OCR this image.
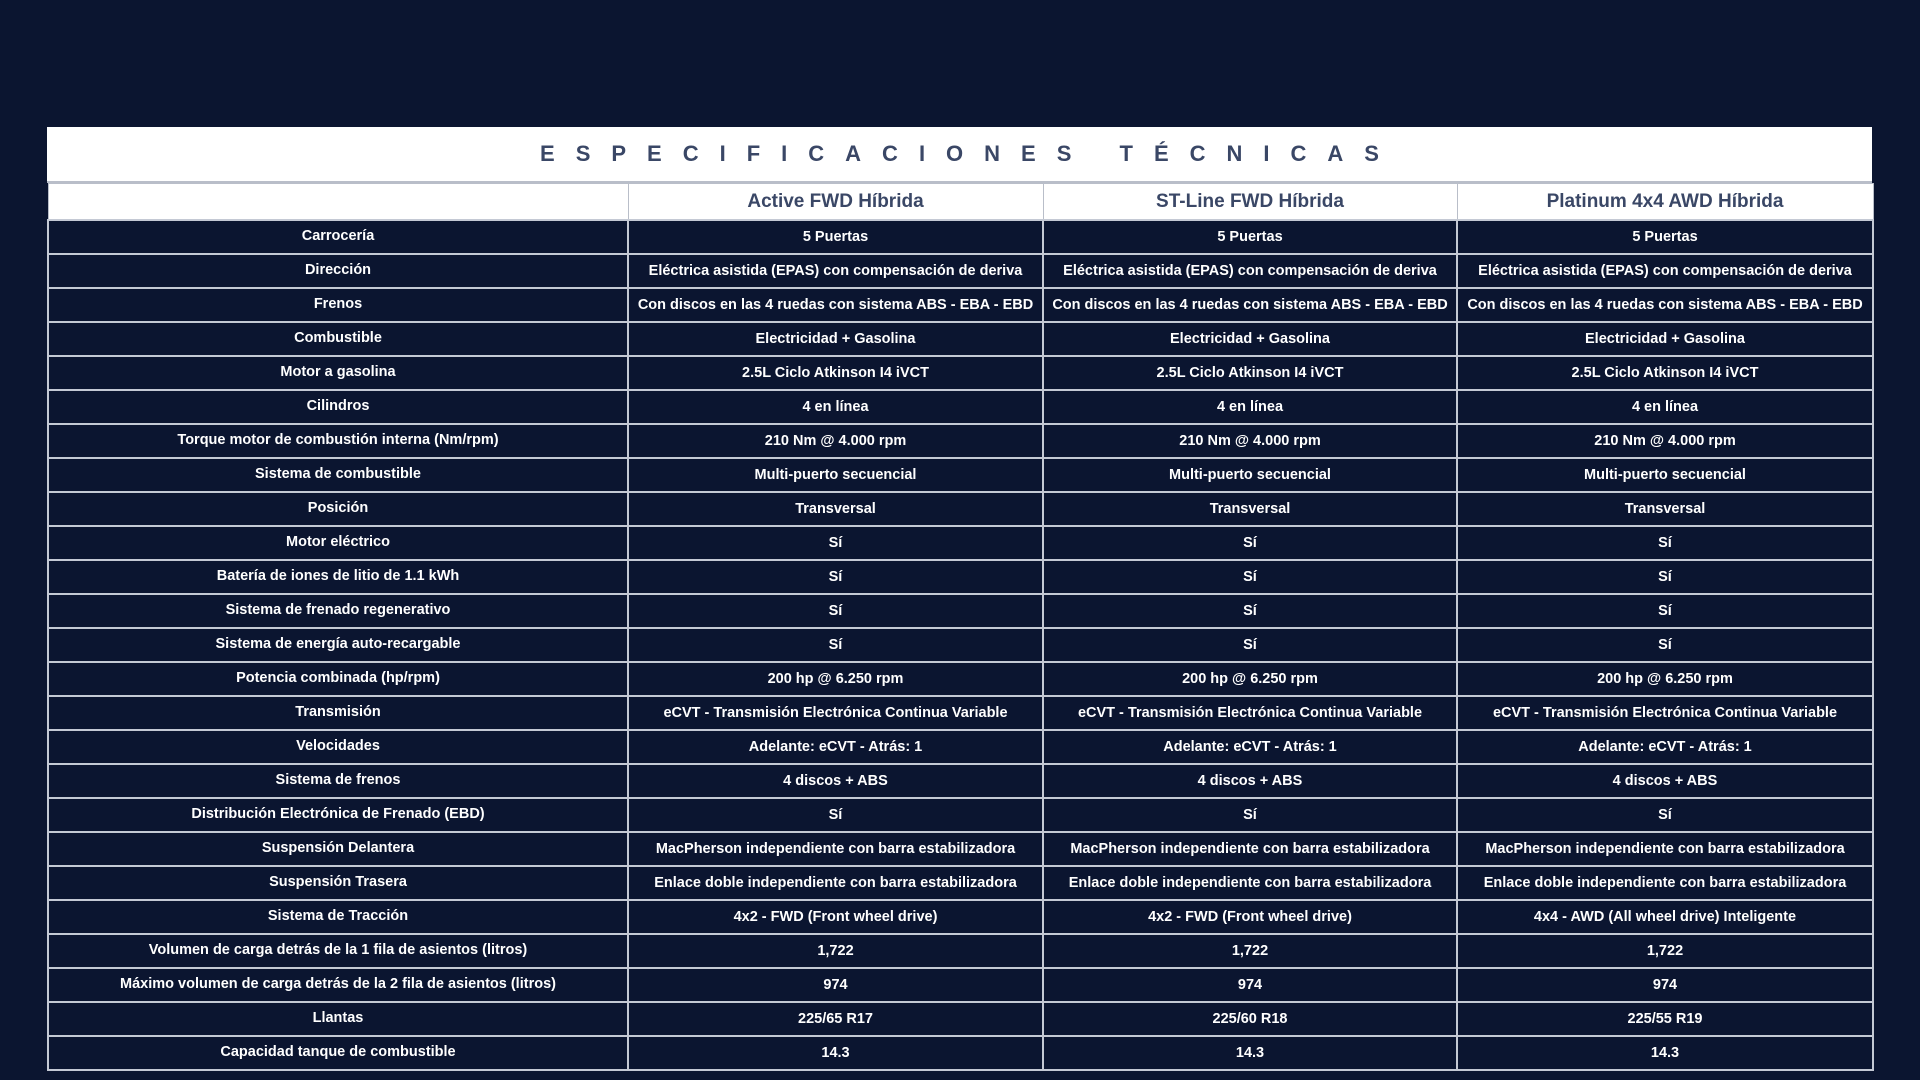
ESPECIFICACIONES TÉCNICAS
	Active FWD Híbrida	ST-Line FWD Híbrida	Platinum 4x4 AWD Híbrida
Carrocería	5 Puertas	5 Puertas	5 Puertas
Dirección	Eléctrica asistida (EPAS) con compensación de deriva	Eléctrica asistida (EPAS) con compensación de deriva	Eléctrica asistida (EPAS) con compensación de deriva
Frenos	Con discos en las 4 ruedas con sistema ABS - EBA - EBD	Con discos en las 4 ruedas con sistema ABS - EBA - EBD	Con discos en las 4 ruedas con sistema ABS - EBA - EBD
Combustible	Electricidad + Gasolina	Electricidad + Gasolina	Electricidad + Gasolina
Motor a gasolina	2.5L Ciclo Atkinson I4 iVCT	2.5L Ciclo Atkinson I4 iVCT	2.5L Ciclo Atkinson I4 iVCT
Cilindros	4 en línea	4 en línea	4 en línea
Torque motor de combustión interna (Nm/rpm)	210 Nm @ 4.000 rpm	210 Nm @ 4.000 rpm	210 Nm @ 4.000 rpm
Sistema de combustible	Multi-puerto secuencial	Multi-puerto secuencial	Multi-puerto secuencial
Posición	Transversal	Transversal	Transversal
Motor eléctrico	Sí	Sí	Sí
Batería de iones de litio de 1.1 kWh	Sí	Sí	Sí
Sistema de frenado regenerativo	Sí	Sí	Sí
Sistema de energía auto-recargable	Sí	Sí	Sí
Potencia combinada (hp/rpm)	200 hp @ 6.250 rpm	200 hp @ 6.250 rpm	200 hp @ 6.250 rpm
Transmisión	eCVT - Transmisión Electrónica Continua Variable	eCVT - Transmisión Electrónica Continua Variable	eCVT - Transmisión Electrónica Continua Variable
Velocidades	Adelante: eCVT - Atrás: 1	Adelante: eCVT - Atrás: 1	Adelante: eCVT - Atrás: 1
Sistema de frenos	4 discos + ABS	4 discos + ABS	4 discos + ABS
Distribución Electrónica de Frenado (EBD)	Sí	Sí	Sí
Suspensión Delantera	MacPherson independiente con barra estabilizadora	MacPherson independiente con barra estabilizadora	MacPherson independiente con barra estabilizadora
Suspensión Trasera	Enlace doble independiente con barra estabilizadora	Enlace doble independiente con barra estabilizadora	Enlace doble independiente con barra estabilizadora
Sistema de Tracción	4x2 - FWD (Front wheel drive)	4x2 - FWD (Front wheel drive)	4x4 - AWD (All wheel drive) Inteligente
Volumen de carga detrás de la 1 fila de asientos (litros)	1,722	1,722	1,722
Máximo volumen de carga detrás de la 2 fila de asientos (litros)	974	974	974
Llantas	225/65 R17	225/60 R18	225/55 R19
Capacidad tanque de combustible	14.3	14.3	14.3
